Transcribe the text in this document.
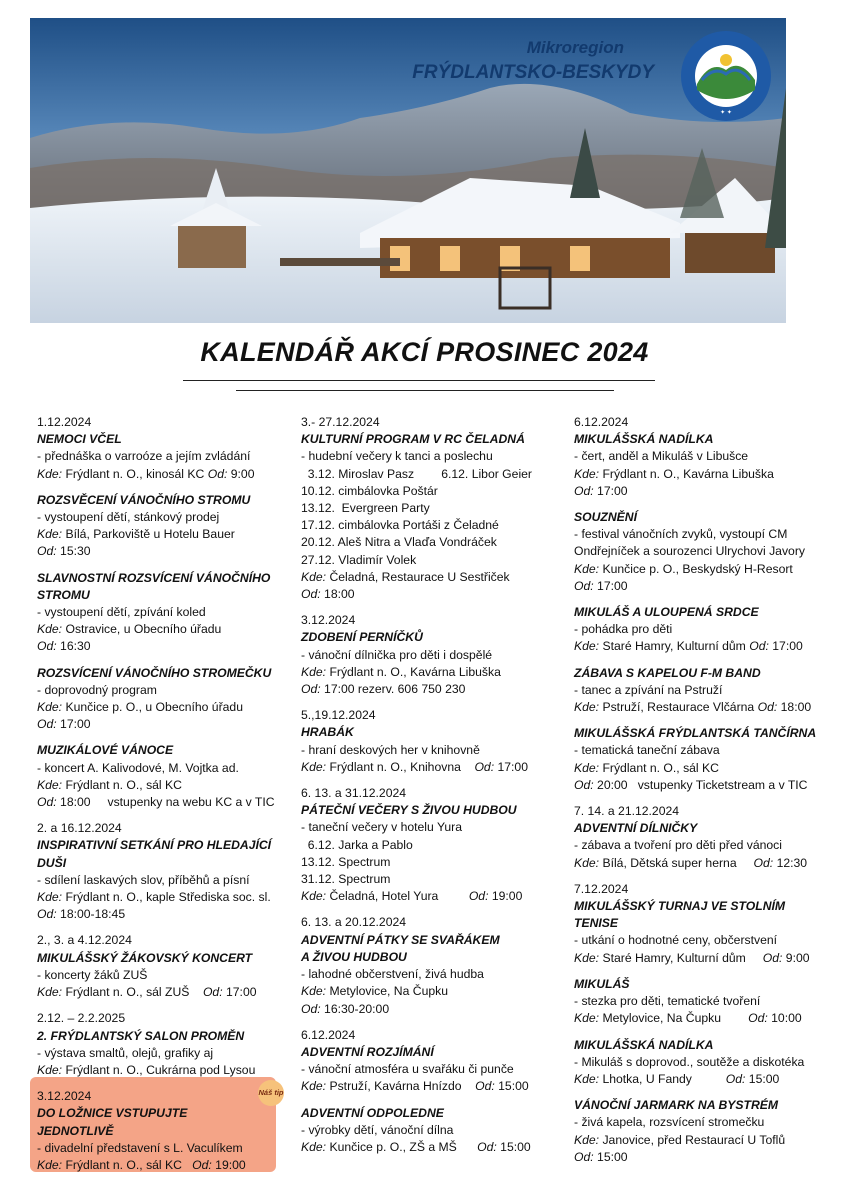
Mikroregion
FRÝDLANTSKO-BESKYDY
✦ ✦
KALENDÁŘ AKCÍ PROSINEC 2024
Náš tip
1.12.2024
NEMOCI VČEL
- přednáška o varroóze a jejím zvládání
Kde: Frýdlant n. O., kinosál KC Od: 9:00
ROZSVĚCENÍ VÁNOČNÍHO STROMU
- vystoupení dětí, stánkový prodej
Kde: Bílá, Parkoviště u Hotelu Bauer
Od: 15:30
SLAVNOSTNÍ ROZSVÍCENÍ VÁNOČNÍHO
STROMU
- vystoupení dětí, zpívání koled
Kde: Ostravice, u Obecního úřadu
Od: 16:30
ROZSVÍCENÍ VÁNOČNÍHO STROMEČKU
- doprovodný program
Kde: Kunčice p. O., u Obecního úřadu
Od: 17:00
MUZIKÁLOVÉ VÁNOCE
- koncert A. Kalivodové, M. Vojtka ad.
Kde: Frýdlant n. O., sál KC
Od: 18:00     vstupenky na webu KC a v TIC
2. a 16.12.2024
INSPIRATIVNÍ SETKÁNÍ PRO HLEDAJÍCÍ
DUŠI
- sdílení laskavých slov, příběhů a písní
Kde: Frýdlant n. O., kaple Střediska soc. sl.
Od: 18:00-18:45
2., 3. a 4.12.2024
MIKULÁŠSKÝ ŽÁKOVSKÝ KONCERT
- koncerty žáků ZUŠ
Kde: Frýdlant n. O., sál ZUŠ    Od: 17:00
2.12. – 2.2.2025
2. FRÝDLANTSKÝ SALON PROMĚN
- výstava smaltů, olejů, grafiky aj
Kde: Frýdlant n. O., Cukrárna pod Lysou
3.12.2024
DO LOŽNICE VSTUPUJTE
JEDNOTLIVĚ
- divadelní představení s L. Vaculíkem
Kde: Frýdlant n. O., sál KC   Od: 19:00
3.- 27.12.2024
KULTURNÍ PROGRAM V RC ČELADNÁ
- hudební večery k tanci a poslechu
3.12. Miroslav Pasz        6.12. Libor Geier
10.12. cimbálovka Poštár
13.12.  Evergreen Party
17.12. cimbálovka Portáši z Čeladné
20.12. Aleš Nitra a Vlaďa Vondráček
27.12. Vladimír Volek
Kde: Čeladná, Restaurace U Sestřiček
Od: 18:00
3.12.2024
ZDOBENÍ PERNÍČKŮ
- vánoční dílnička pro děti i dospělé
Kde: Frýdlant n. O., Kavárna Libuška
Od: 17:00 rezerv. 606 750 230
5.,19.12.2024
HRABÁK
- hraní deskových her v knihovně
Kde: Frýdlant n. O., Knihovna    Od: 17:00
6. 13. a 31.12.2024
PÁTEČNÍ VEČERY S ŽIVOU HUDBOU
- taneční večery v hotelu Yura
6.12. Jarka a Pablo
13.12. Spectrum
31.12. Spectrum
Kde: Čeladná, Hotel Yura         Od: 19:00
6. 13. a 20.12.2024
ADVENTNÍ PÁTKY SE SVAŘÁKEM
A ŽIVOU HUDBOU
- lahodné občerstvení, živá hudba
Kde: Metylovice, Na Čupku
Od: 16:30-20:00
6.12.2024
ADVENTNÍ ROZJÍMÁNÍ
- vánoční atmosféra u svařáku či punče
Kde: Pstruží, Kavárna Hnízdo    Od: 15:00
ADVENTNÍ ODPOLEDNE
- výrobky dětí, vánoční dílna
Kde: Kunčice p. O., ZŠ a MŠ      Od: 15:00
6.12.2024
MIKULÁŠSKÁ NADÍLKA
- čert, anděl a Mikuláš v Libušce
Kde: Frýdlant n. O., Kavárna Libuška
Od: 17:00
SOUZNĚNÍ
- festival vánočních zvyků, vystoupí CM
Ondřejníček a sourozenci Ulrychovi Javory
Kde: Kunčice p. O., Beskydský H-Resort
Od: 17:00
MIKULÁŠ A ULOUPENÁ SRDCE
- pohádka pro děti
Kde: Staré Hamry, Kulturní dům Od: 17:00
ZÁBAVA S KAPELOU F-M BAND
- tanec a zpívání na Pstruží
Kde: Pstruží, Restaurace Vlčárna Od: 18:00
MIKULÁŠSKÁ FRÝDLANTSKÁ TANČÍRNA
- tematická taneční zábava
Kde: Frýdlant n. O., sál KC
Od: 20:00   vstupenky Ticketstream a v TIC
7. 14. a 21.12.2024
ADVENTNÍ DÍLNIČKY
- zábava a tvoření pro děti před vánoci
Kde: Bílá, Dětská super herna     Od: 12:30
7.12.2024
MIKULÁŠSKÝ TURNAJ VE STOLNÍM
TENISE
- utkání o hodnotné ceny, občerstvení
Kde: Staré Hamry, Kulturní dům     Od: 9:00
MIKULÁŠ
- stezka pro děti, tematické tvoření
Kde: Metylovice, Na Čupku        Od: 10:00
MIKULÁŠSKÁ NADÍLKA
- Mikuláš s doprovod., soutěže a diskotéka
Kde: Lhotka, U Fandy          Od: 15:00
VÁNOČNÍ JARMARK NA BYSTRÉM
- živá kapela, rozsvícení stromečku
Kde: Janovice, před Restaurací U Toflů
Od: 15:00
